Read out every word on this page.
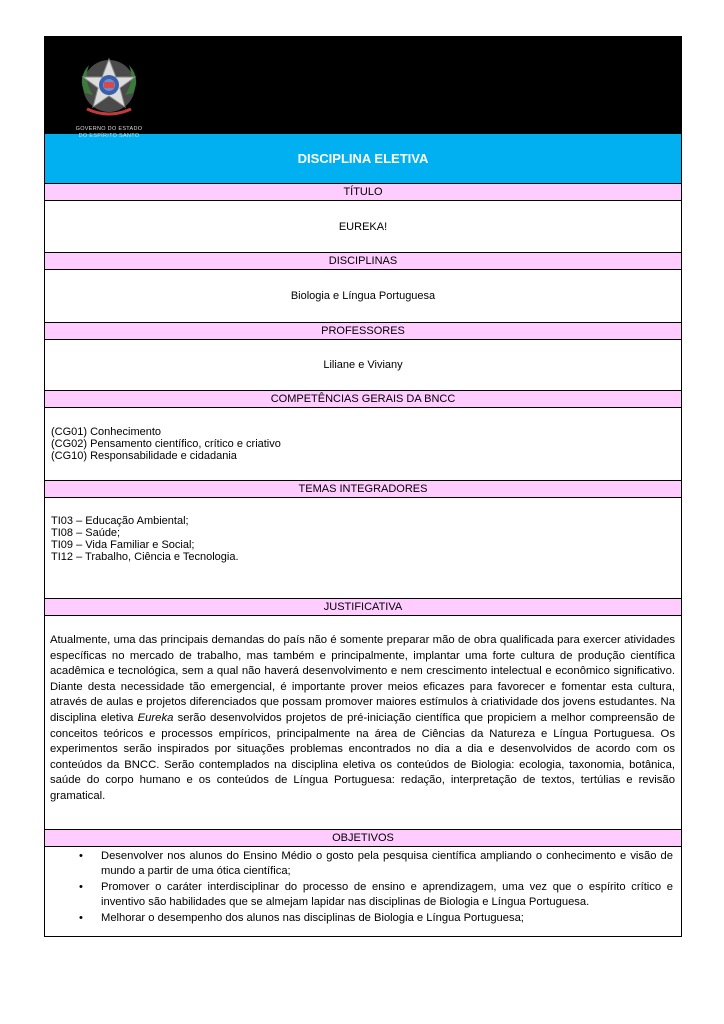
GOVERNO DO ESTADO
DO ESPÍRITO SANTO
DISCIPLINA ELETIVA
TÍTULO
EUREKA!
DISCIPLINAS
Biologia e Língua Portuguesa
PROFESSORES
Liliane e Viviany
COMPETÊNCIAS GERAIS DA BNCC
(CG01) Conhecimento
(CG02) Pensamento científico, crítico e criativo
(CG10) Responsabilidade e cidadania
TEMAS INTEGRADORES
TI03 – Educação Ambiental;
TI08 – Saúde;
TI09 – Vida Familiar e Social;
TI12 – Trabalho, Ciência e Tecnologia.
JUSTIFICATIVA
Atualmente, uma das principais demandas do país não é somente preparar mão de obra qualificada para exercer atividades específicas no mercado de trabalho, mas também e principalmente, implantar uma forte cultura de produção científica acadêmica e tecnológica, sem a qual não haverá desenvolvimento e nem crescimento intelectual e econômico significativo. Diante desta necessidade tão emergencial, é importante prover meios eficazes para favorecer e fomentar esta cultura, através de aulas e projetos diferenciados que possam promover maiores estímulos à criatividade dos jovens estudantes. Na disciplina eletiva Eureka serão desenvolvidos projetos de pré-iniciação científica que propiciem a melhor compreensão de conceitos teóricos e processos empíricos, principalmente na área de Ciências da Natureza e Língua Portuguesa. Os experimentos serão inspirados por situações problemas encontrados no dia a dia e desenvolvidos de acordo com os conteúdos da BNCC. Serão contemplados na disciplina eletiva os conteúdos de Biologia: ecologia, taxonomia, botânica, saúde do corpo humano e os conteúdos de Língua Portuguesa: redação, interpretação de textos, tertúlias e revisão gramatical.
OBJETIVOS
• Desenvolver nos alunos do Ensino Médio o gosto pela pesquisa científica ampliando o conhecimento e visão de mundo a partir de uma ótica científica;
• Promover o caráter interdisciplinar do processo de ensino e aprendizagem, uma vez que o espírito crítico e inventivo são habilidades que se almejam lapidar nas disciplinas de Biologia e Língua Portuguesa.
• Melhorar o desempenho dos alunos nas disciplinas de Biologia e Língua Portuguesa;
